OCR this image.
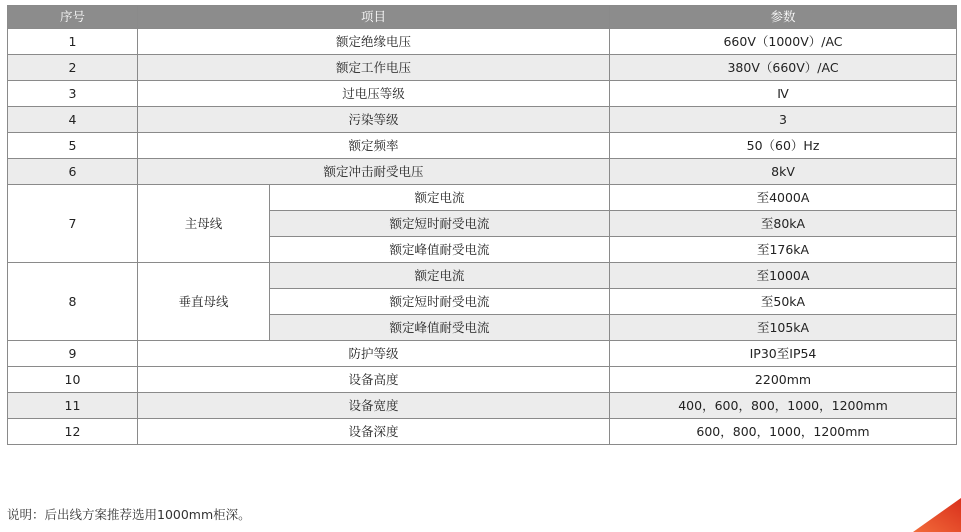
序号	项目		参数
1	额定绝缘电压		660V（1000V）/AC
2	额定工作电压		380V（660V）/AC
3	过电压等级		Ⅳ
4	污染等级		3
5	额定频率		50（60）Hz
6	额定冲击耐受电压		8kV
7	主母线	额定电流	至4000A
		额定短时耐受电流	至80kA
		额定峰值耐受电流	至176kA
8	垂直母线	额定电流	至1000A
		额定短时耐受电流	至50kA
		额定峰值耐受电流	至105kA
9	防护等级		IP30至IP54
10	设备高度		2200mm
11	设备宽度		400，600，800，1000，1200mm
12	设备深度		600，800，1000，1200mm
说明：后出线方案推荐选用1000mm柜深。
